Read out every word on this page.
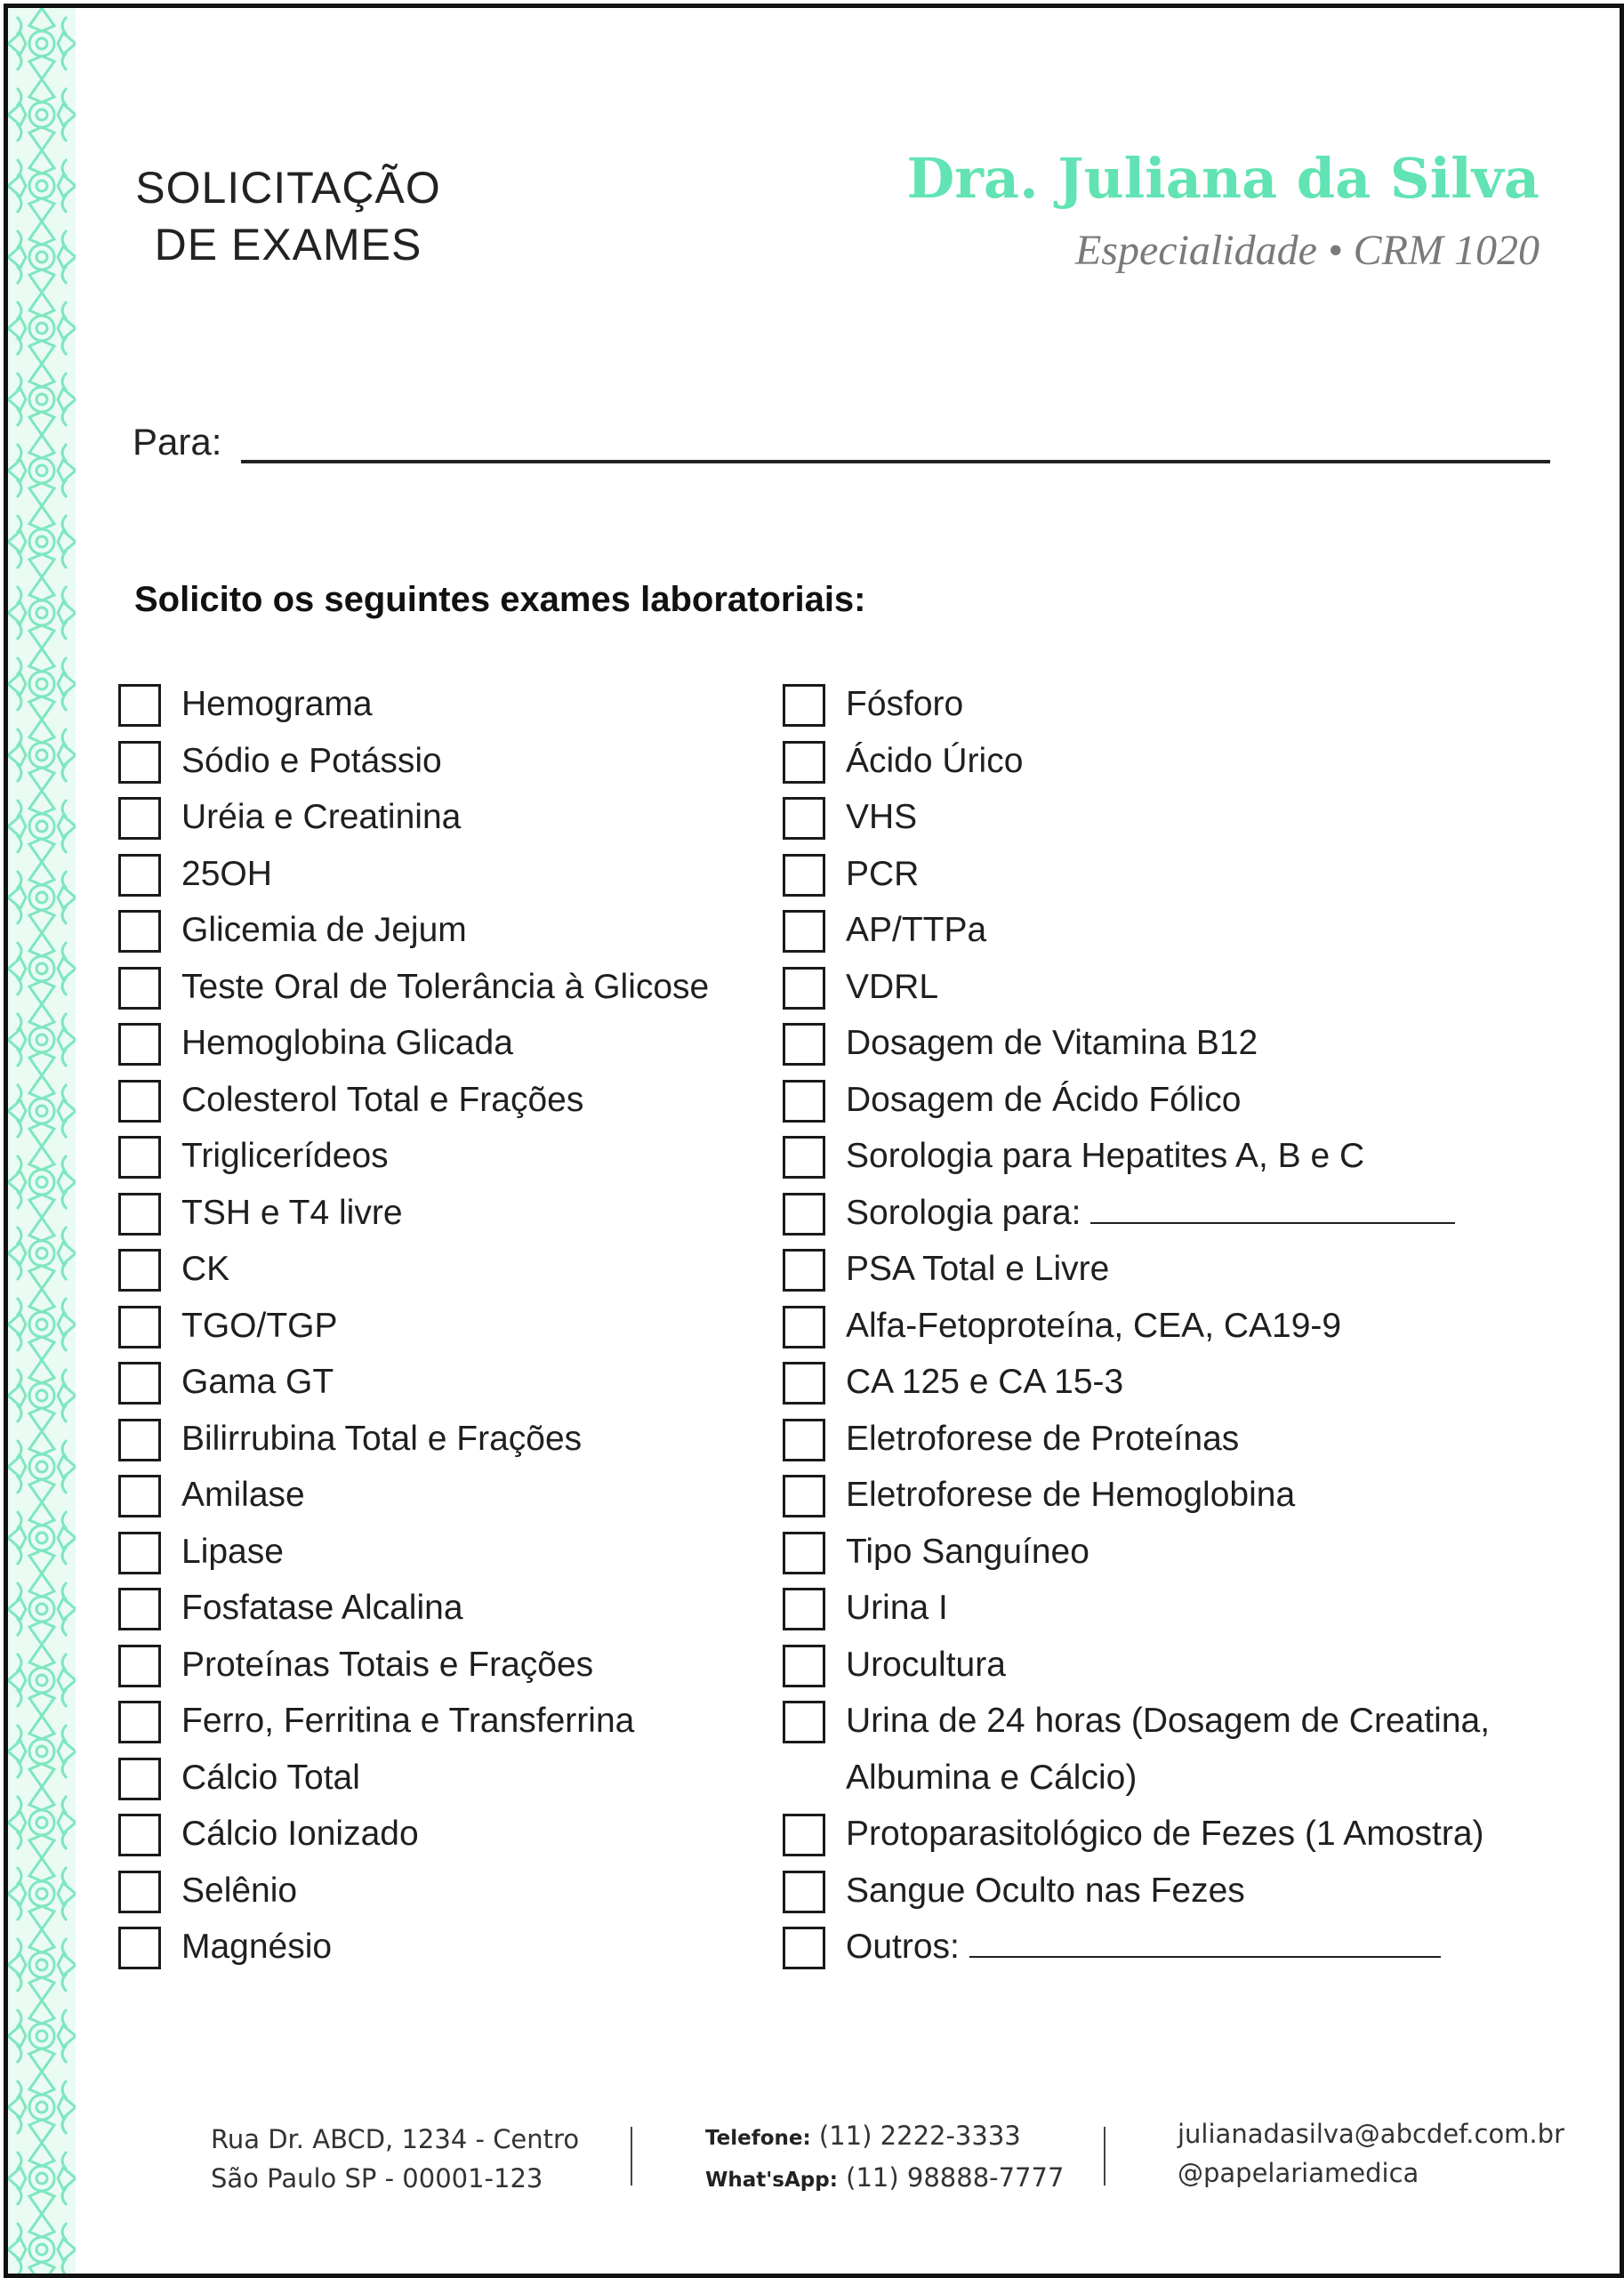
SOLICITAÇÃO
DE EXAMES
Dra. Juliana da Silva
Especialidade • CRM 1020
Para:
Solicito os seguintes exames laboratoriais:
Hemograma
Sódio e Potássio
Uréia e Creatinina
25OH
Glicemia de Jejum
Teste Oral de Tolerância à Glicose
Hemoglobina Glicada
Colesterol Total e Frações
Triglicerídeos
TSH e T4 livre
CK
TGO/TGP
Gama GT
Bilirrubina Total e Frações
Amilase
Lipase
Fosfatase Alcalina
Proteínas Totais e Frações
Ferro, Ferritina e Transferrina
Cálcio Total
Cálcio Ionizado
Selênio
Magnésio
Fósforo
Ácido Úrico
VHS
PCR
AP/TTPa
VDRL
Dosagem de Vitamina B12
Dosagem de Ácido Fólico
Sorologia para Hepatites A, B e C
Sorologia para:
PSA Total e Livre
Alfa-Fetoproteína, CEA, CA19-9
CA 125 e CA 15-3
Eletroforese de Proteínas
Eletroforese de Hemoglobina
Tipo Sanguíneo
Urina I
Urocultura
Urina de 24 horas (Dosagem de Creatina,
Albumina e Cálcio)
Protoparasitológico de Fezes (1 Amostra)
Sangue Oculto nas Fezes
Outros:
Rua Dr. ABCD, 1234 - Centro
São Paulo SP - 00001-123
Telefone: (11) 2222-3333
What'sApp: (11) 98888-7777
julianadasilva@abcdef.com.br
@papelariamedica
